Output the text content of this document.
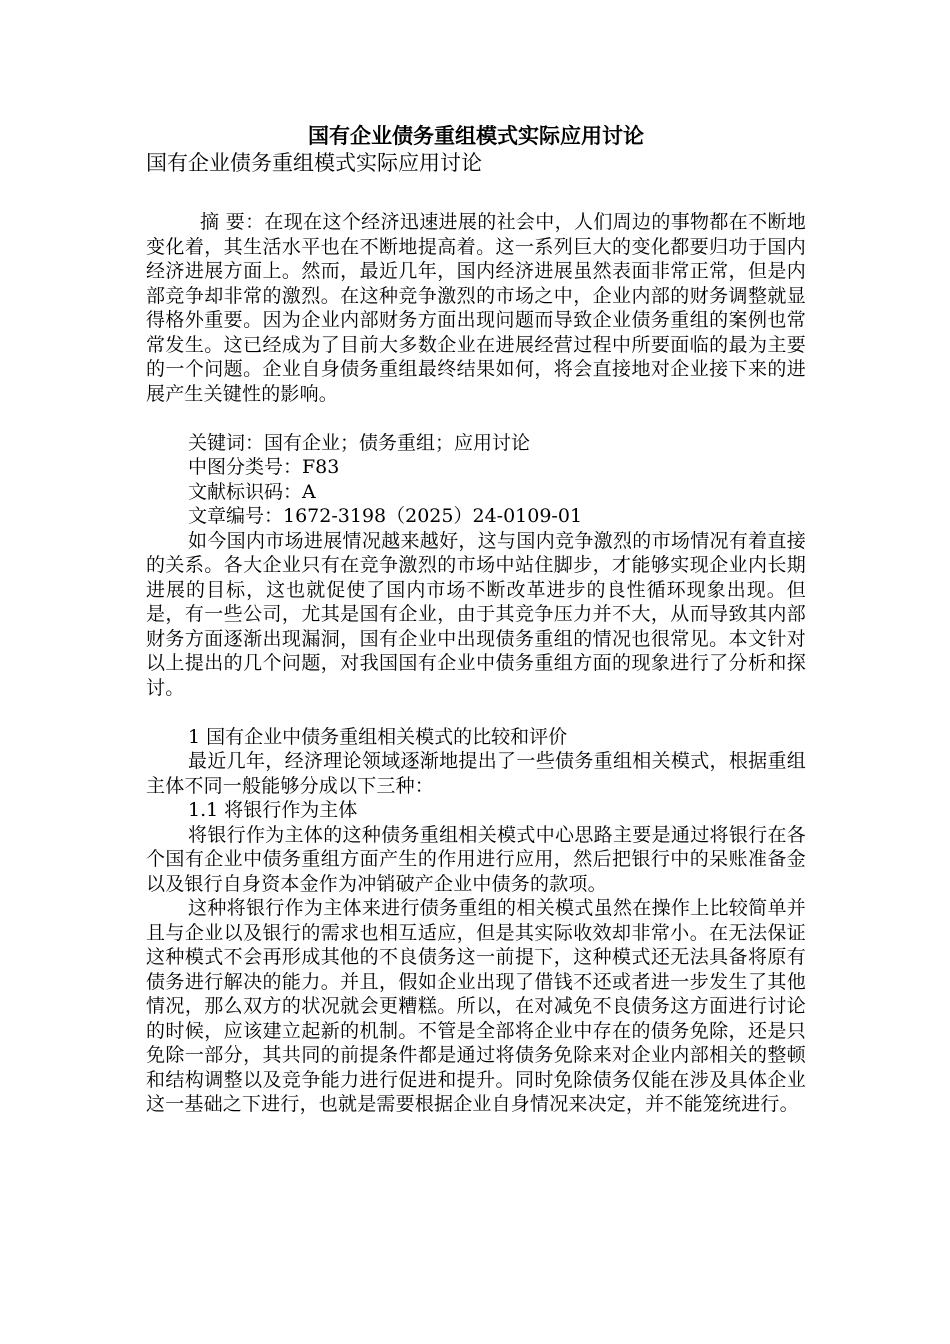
国有企业债务重组模式实际应用讨论

国有企业债务重组模式实际应用讨论

摘 要：在现在这个经济迅速进展的社会中，人们周边的事物都在不断地变化着，其生活水平也在不断地提高着。这一系列巨大的变化都要归功于国内经济进展方面上。然而，最近几年，国内经济进展虽然表面非常正常，但是内部竞争却非常的激烈。在这种竞争激烈的市场之中，企业内部的财务调整就显得格外重要。因为企业内部财务方面出现问题而导致企业债务重组的案例也常常发生。这已经成为了目前大多数企业在进展经营过程中所要面临的最为主要的一个问题。企业自身债务重组最终结果如何，将会直接地对企业接下来的进展产生关键性的影响。

关键词：国有企业；债务重组；应用讨论

中图分类号：F83

文献标识码：A

文章编号：1672-3198（2025）24-0109-01

如今国内市场进展情况越来越好，这与国内竞争激烈的市场情况有着直接的关系。各大企业只有在竞争激烈的市场中站住脚步，才能够实现企业内长期进展的目标，这也就促使了国内市场不断改革进步的良性循环现象出现。但是，有一些公司，尤其是国有企业，由于其竞争压力并不大，从而导致其内部财务方面逐渐出现漏洞，国有企业中出现债务重组的情况也很常见。本文针对以上提出的几个问题，对我国国有企业中债务重组方面的现象进行了分析和探讨。

1 国有企业中债务重组相关模式的比较和评价

最近几年，经济理论领域逐渐地提出了一些债务重组相关模式，根据重组主体不同一般能够分成以下三种：

1.1 将银行作为主体

将银行作为主体的这种债务重组相关模式中心思路主要是通过将银行在各个国有企业中债务重组方面产生的作用进行应用，然后把银行中的呆账准备金以及银行自身资本金作为冲销破产企业中债务的款项。

这种将银行作为主体来进行债务重组的相关模式虽然在操作上比较简单并且与企业以及银行的需求也相互适应，但是其实际收效却非常小。在无法保证这种模式不会再形成其他的不良债务这一前提下，这种模式还无法具备将原有债务进行解决的能力。并且，假如企业出现了借钱不还或者进一步发生了其他情况，那么双方的状况就会更糟糕。所以，在对减免不良债务这方面进行讨论的时候，应该建立起新的机制。不管是全部将企业中存在的债务免除，还是只免除一部分，其共同的前提条件都是通过将债务免除来对企业内部相关的整顿和结构调整以及竞争能力进行促进和提升。同时免除债务仅能在涉及具体企业这一基础之下进行，也就是需要根据企业自身情况来决定，并不能笼统进行。
